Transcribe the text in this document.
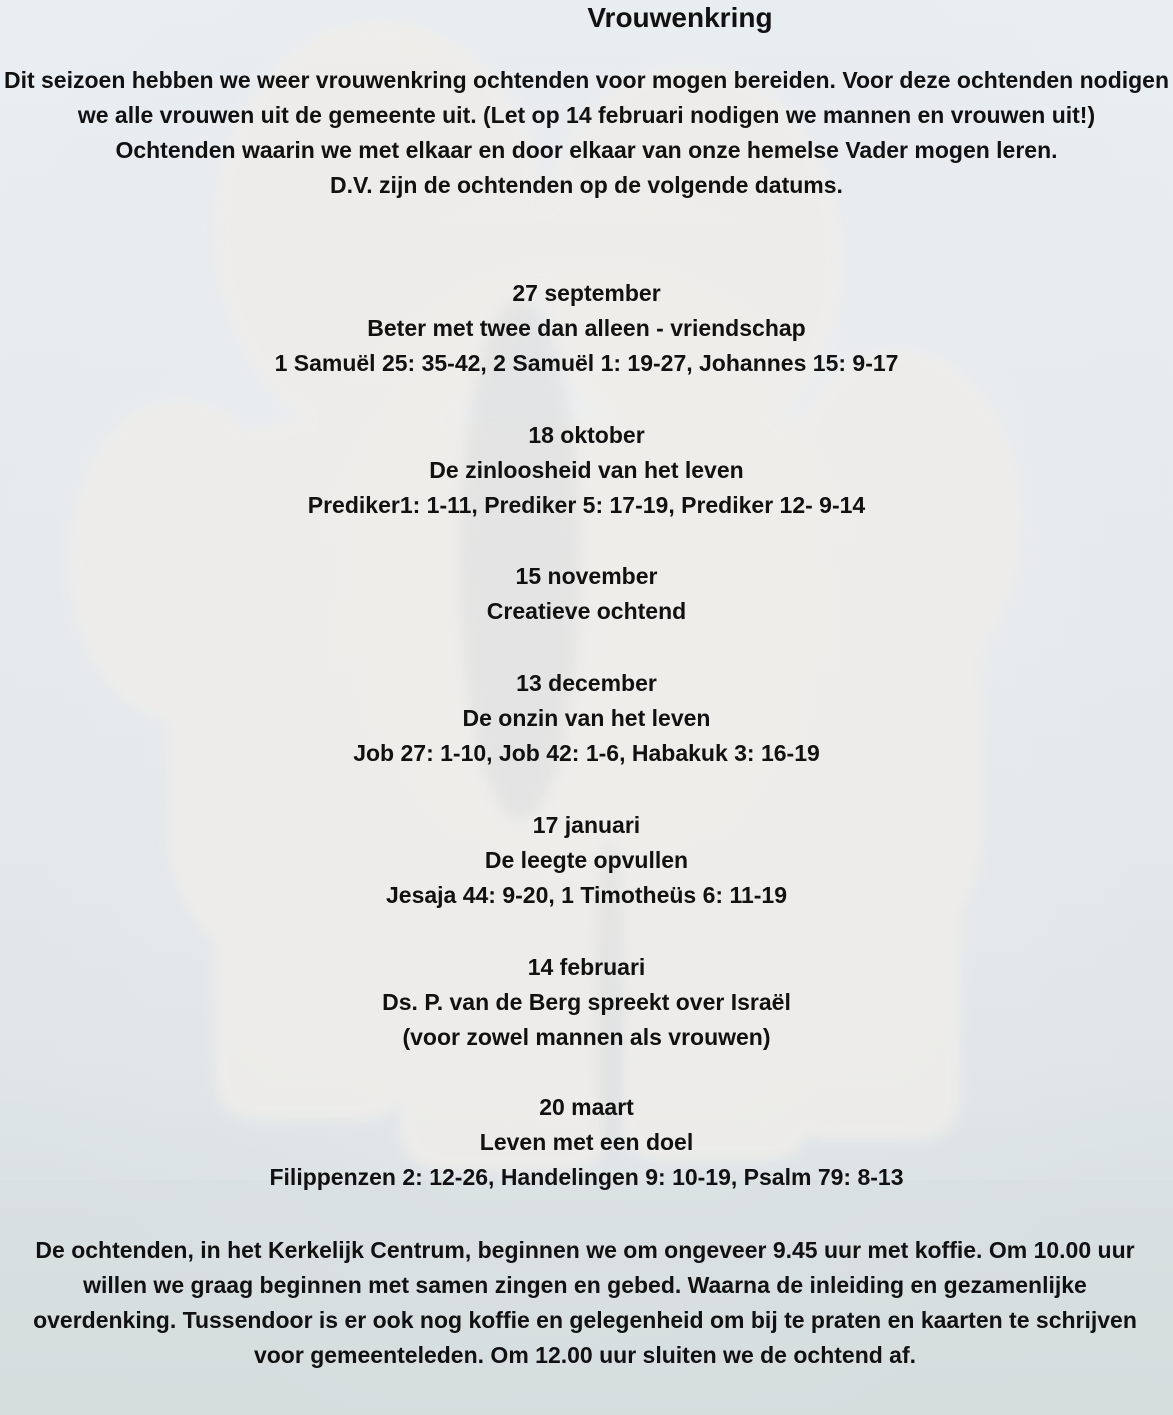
Vrouwenkring
Dit seizoen hebben we weer vrouwenkring ochtenden voor mogen bereiden. Voor deze ochtenden nodigen we alle vrouwen uit de gemeente uit. (Let op 14 februari nodigen we mannen en vrouwen uit!)
Ochtenden waarin we met elkaar en door elkaar van onze hemelse Vader mogen leren.
D.V. zijn de ochtenden op de volgende datums.
27 september
Beter met twee dan alleen - vriendschap
1 Samuël 25: 35-42, 2 Samuël 1: 19-27, Johannes 15: 9-17
18 oktober
De zinloosheid van het leven
Prediker1: 1-11, Prediker 5: 17-19, Prediker 12- 9-14
15 november
Creatieve ochtend
13 december
De onzin van het leven
Job 27: 1-10, Job 42: 1-6, Habakuk 3: 16-19
17 januari
De leegte opvullen
Jesaja 44: 9-20, 1 Timotheüs 6: 11-19
14 februari
Ds. P. van de Berg spreekt over Israël
(voor zowel mannen als vrouwen)
20 maart
Leven met een doel
Filippenzen 2: 12-26, Handelingen 9: 10-19, Psalm 79: 8-13
De ochtenden, in het Kerkelijk Centrum, beginnen we om ongeveer 9.45 uur met koffie. Om 10.00 uur willen we graag beginnen met samen zingen en gebed. Waarna de inleiding en gezamenlijke overdenking. Tussendoor is er ook nog koffie en gelegenheid om bij te praten en kaarten te schrijven voor gemeenteleden. Om 12.00 uur sluiten we de ochtend af.
